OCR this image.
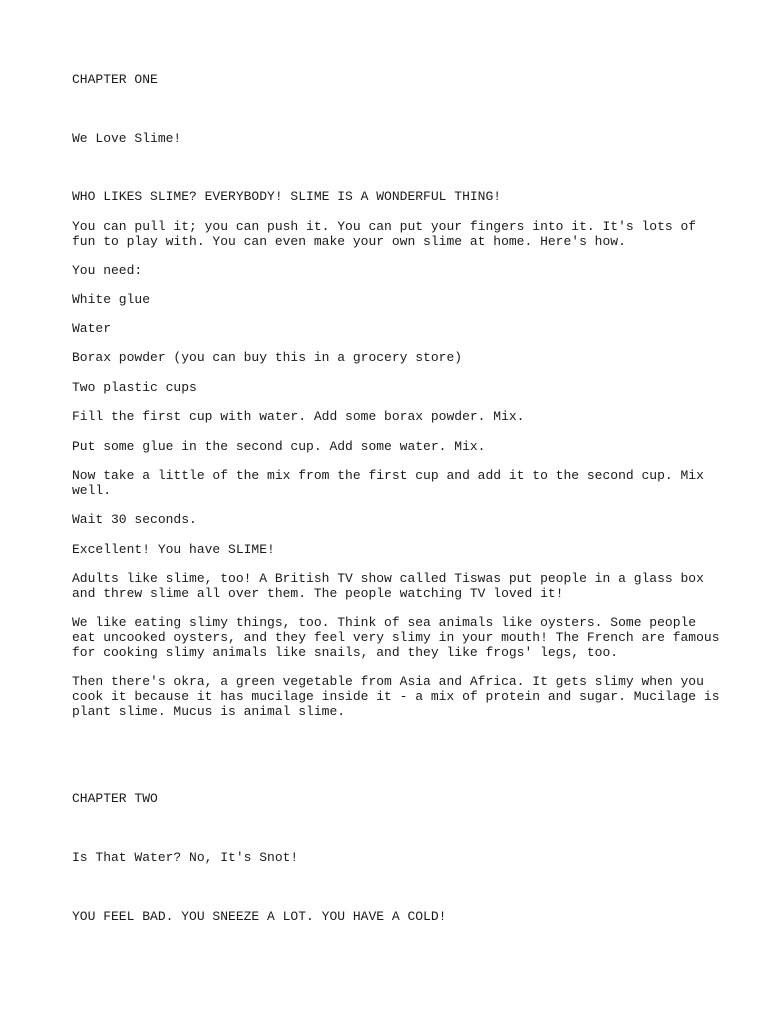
CHAPTER ONE

We Love Slime!

WHO LIKES SLIME? EVERYBODY! SLIME IS A WONDERFUL THING!

You can pull it; you can push it. You can put your fingers into it. It's lots of
fun to play with. You can even make your own slime at home. Here's how.

You need:

White glue

Water

Borax powder (you can buy this in a grocery store)

Two plastic cups

Fill the first cup with water. Add some borax powder. Mix.

Put some glue in the second cup. Add some water. Mix.

Now take a little of the mix from the first cup and add it to the second cup. Mix
well.

Wait 30 seconds.

Excellent! You have SLIME!

Adults like slime, too! A British TV show called Tiswas put people in a glass box
and threw slime all over them. The people watching TV loved it!

We like eating slimy things, too. Think of sea animals like oysters. Some people
eat uncooked oysters, and they feel very slimy in your mouth! The French are famous
for cooking slimy animals like snails, and they like frogs' legs, too.

Then there's okra, a green vegetable from Asia and Africa. It gets slimy when you
cook it because it has mucilage inside it - a mix of protein and sugar. Mucilage is
plant slime. Mucus is animal slime.

CHAPTER TWO

Is That Water? No, It's Snot!

YOU FEEL BAD. YOU SNEEZE A LOT. YOU HAVE A COLD!
